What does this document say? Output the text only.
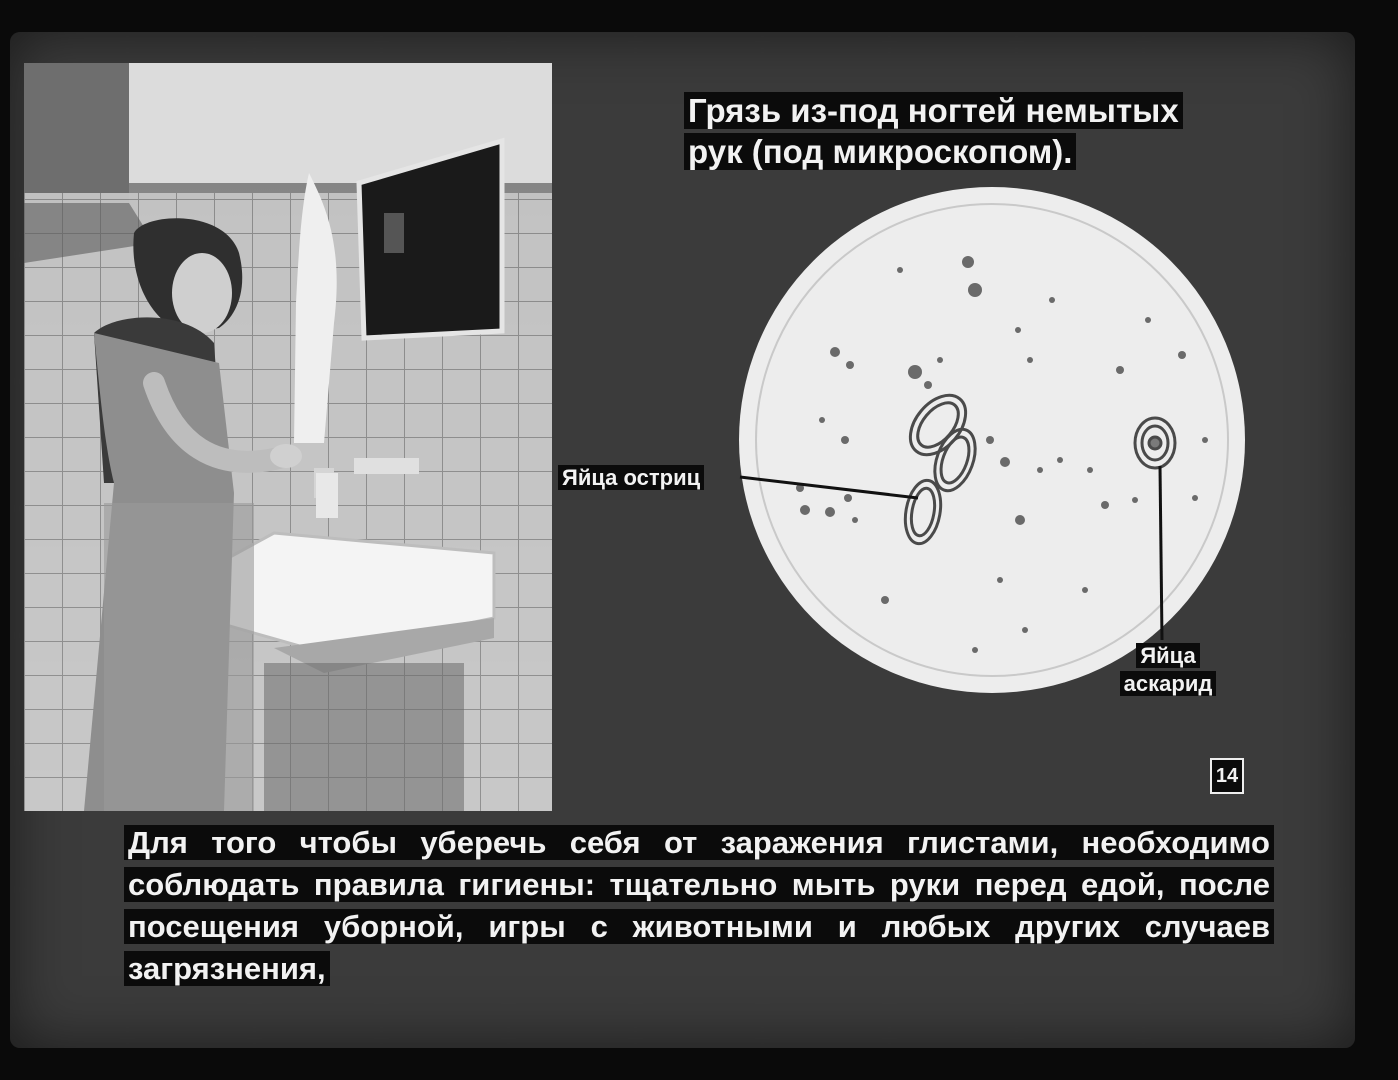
Грязь из-под ногтей немытых рук (под микроскопом).
Яйца остриц
Яйца аскарид
14
Для того чтобы уберечь себя от заражения глистами, необходимо соблюдать правила гигиены: тщательно мыть руки перед едой, после посещения уборной, игры с животными и любых других случаев загрязнения,
